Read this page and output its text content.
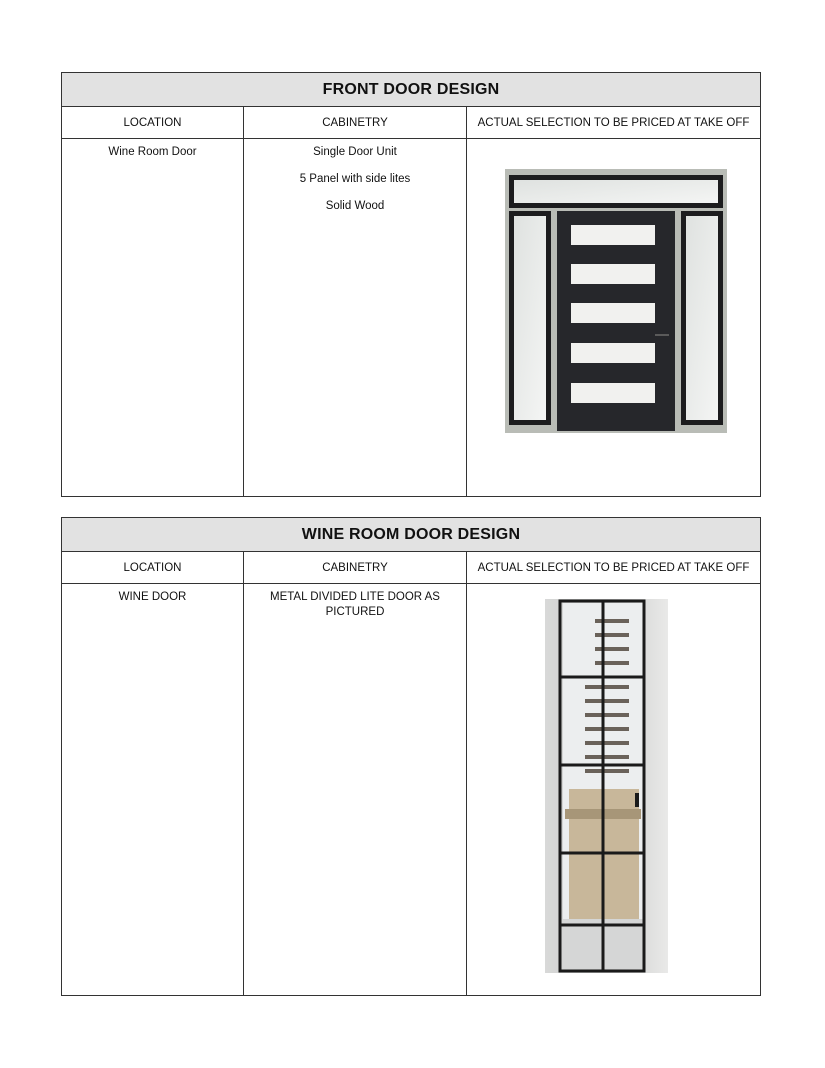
FRONT DOOR DESIGN		
LOCATION	CABINETRY	ACTUAL SELECTION TO BE PRICED AT TAKE OFF

Wine Room Door	Single Door Unit
5 Panel with side lites
Solid Wood

WINE ROOM DOOR DESIGN		
LOCATION	CABINETRY	ACTUAL SELECTION TO BE PRICED AT TAKE OFF

WINE DOOR	METAL DIVIDED LITE DOOR AS PICTURED
